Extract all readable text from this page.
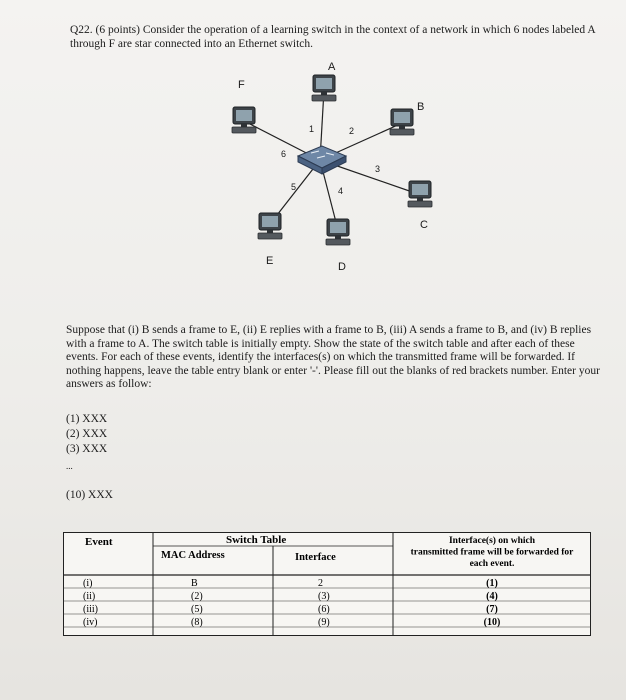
Q22. (6 points) Consider the operation of a learning switch in the context of a network in which 6 nodes labeled A through F are star connected into an Ethernet switch.
A
B
C
D
E
F
1	2
3
4
5
6
Suppose that (i) B sends a frame to E, (ii) E replies with a frame to B, (iii) A sends a frame to B, and (iv) B replies with a frame to A. The switch table is initially empty. Show the state of the switch table and after each of these events. For each of these events, identify the interfaces(s) on which the transmitted frame will be forwarded. If nothing happens, leave the table entry blank or enter '-'. Please fill out the blanks of red brackets number. Enter your answers as follow:
(1) XXX
(2) XXX
(3) XXX
...
(10) XXX
Event	Switch Table
MAC Address	Interface
Interface(s) on which transmitted frame will be forwarded for each event.
(i)	B	2	(1)
(ii)	(2)	(3)	(4)
(iii)	(5)	(6)	(7)
(iv)	(8)	(9)	(10)
